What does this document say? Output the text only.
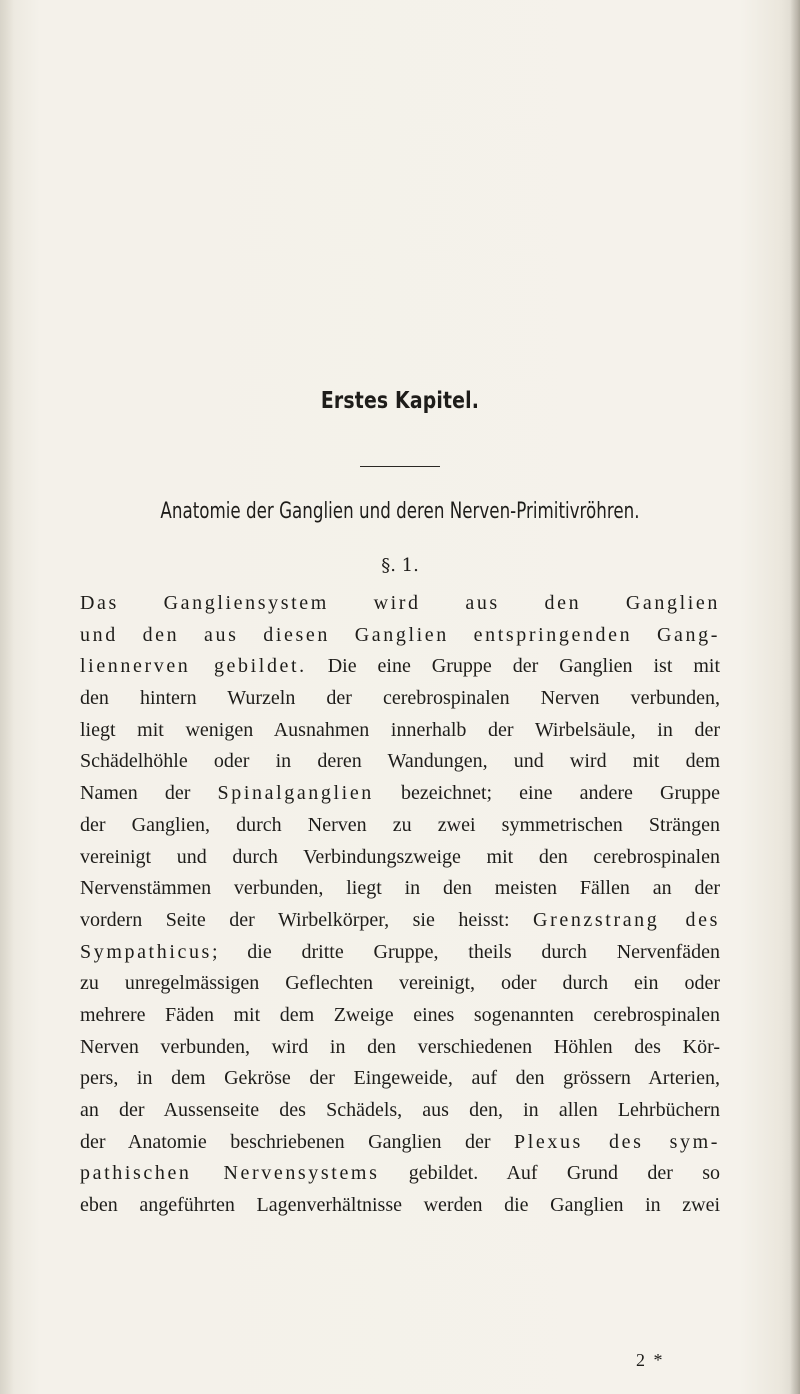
Erstes Kapitel.
Anatomie der Ganglien und deren Nerven-Primitivröhren.
§. 1.
Das Gangliensystem wird aus den Ganglien
und den aus diesen Ganglien entspringenden Gang-
liennerven gebildet. Die eine Gruppe der Ganglien ist mit
den hintern Wurzeln der cerebrospinalen Nerven verbunden,
liegt mit wenigen Ausnahmen innerhalb der Wirbelsäule, in der
Schädelhöhle oder in deren Wandungen, und wird mit dem
Namen der Spinalganglien bezeichnet; eine andere Gruppe
der Ganglien, durch Nerven zu zwei symmetrischen Strängen
vereinigt und durch Verbindungszweige mit den cerebrospinalen
Nervenstämmen verbunden, liegt in den meisten Fällen an der
vordern Seite der Wirbelkörper, sie heisst: Grenzstrang des
Sympathicus; die dritte Gruppe, theils durch Nervenfäden
zu unregelmässigen Geflechten vereinigt, oder durch ein oder
mehrere Fäden mit dem Zweige eines sogenannten cerebrospinalen
Nerven verbunden, wird in den verschiedenen Höhlen des Kör-
pers, in dem Gekröse der Eingeweide, auf den grössern Arterien,
an der Aussenseite des Schädels, aus den, in allen Lehrbüchern
der Anatomie beschriebenen Ganglien der Plexus des sym-
pathischen Nervensystems gebildet. Auf Grund der so
eben angeführten Lagenverhältnisse werden die Ganglien in zwei
2 *
